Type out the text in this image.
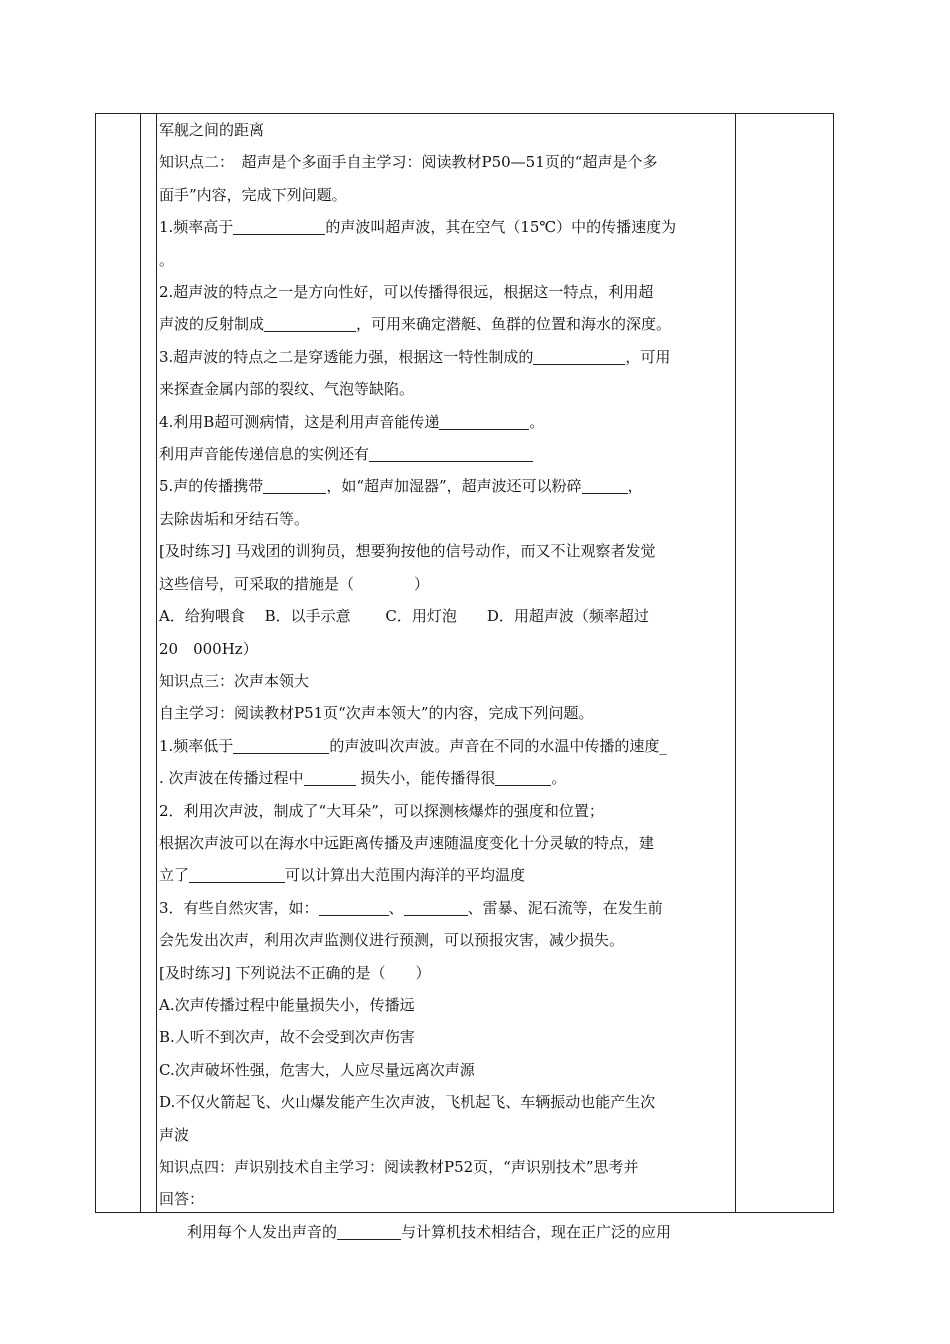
军舰之间的距离

知识点二：　超声是个多面手自主学习：阅读教材P50—51页的“超声是个多

面手”内容，完成下列问题。

1.频率高于	的声波叫超声波，其在空气（15℃）中的传播速度为

。

2.超声波的特点之一是方向性好，可以传播得很远，根据这一特点，利用超

声波的反射制成	，可用来确定潜艇、鱼群的位置和海水的深度。

3.超声波的特点之二是穿透能力强，根据这一特性制成的	，可用

来探查金属内部的裂纹、气泡等缺陷。

4.利用B超可测病情，这是利用声音能传递	。

利用声音能传递信息的实例还有

5.声的传播携带	，如“超声加湿器”，超声波还可以粉碎	，

去除齿垢和牙结石等。

[及时练习] 马戏团的训狗员，想要狗按他的信号动作，而又不让观察者发觉

这些信号，可采取的措施是（　　　　）

A．给狗喂食　 B．以手示意　　 C．用灯泡　　D．用超声波（频率超过

20　000Hz）

知识点三：次声本领大

自主学习：阅读教材P51页“次声本领大”的内容，完成下列问题。

1.频率低于	的声波叫次声波。声音在不同的水温中传播的速度_

. 次声波在传播过程中	损失小，能传播得很	。

2．利用次声波，制成了“大耳朵”，可以探测核爆炸的强度和位置；

根据次声波可以在海水中远距离传播及声速随温度变化十分灵敏的特点，建

立了	可以计算出大范围内海洋的平均温度

3．有些自然灾害，如：	、	、雷暴、泥石流等，在发生前

会先发出次声，利用次声监测仪进行预测，可以预报灾害，减少损失。

[及时练习] 下列说法不正确的是（　　）

A.次声传播过程中能量损失小，传播远

B.人听不到次声，故不会受到次声伤害

C.次声破坏性强，危害大，人应尽量远离次声源

D.不仅火箭起飞、火山爆发能产生次声波，飞机起飞、车辆振动也能产生次

声波

知识点四：声识别技术自主学习：阅读教材P52页，“声识别技术”思考并

回答：

利用每个人发出声音的	与计算机技术相结合，现在正广泛的应用
